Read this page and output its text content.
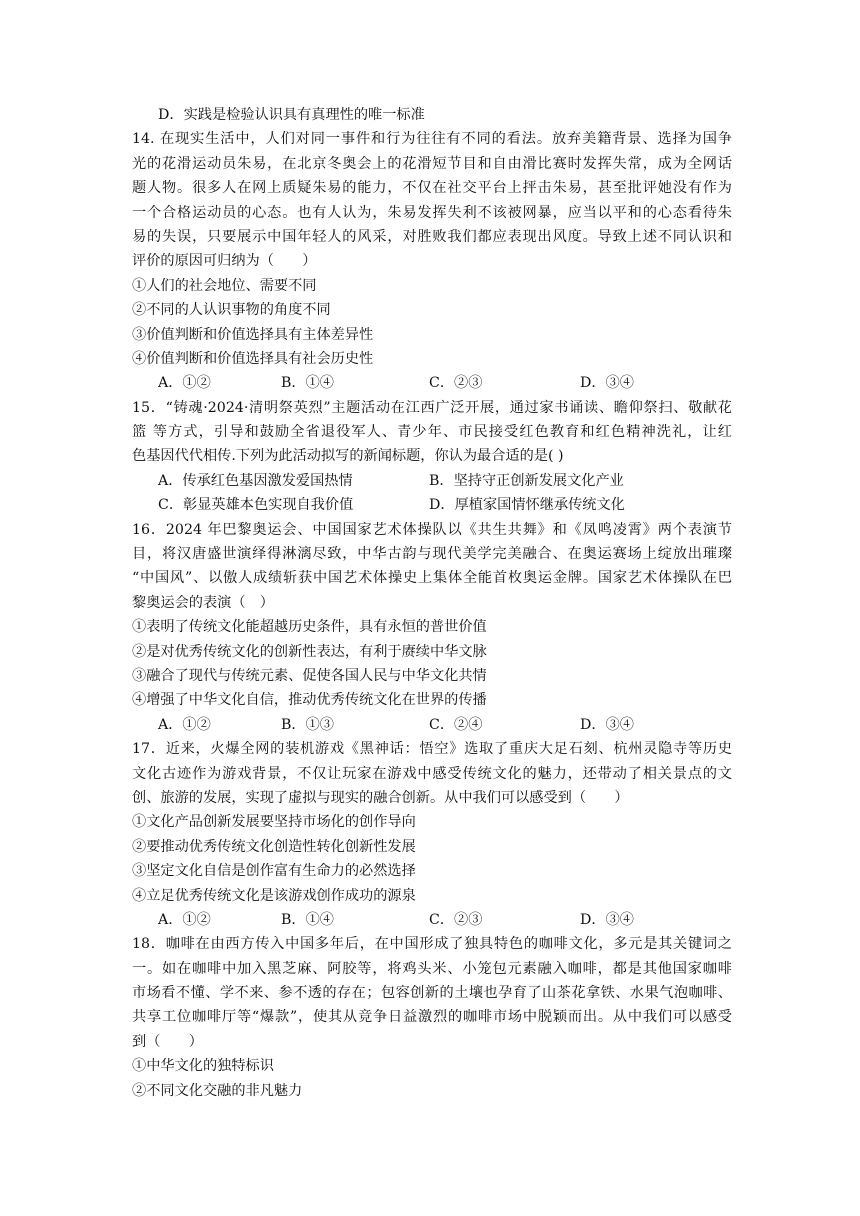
D．实践是检验认识具有真理性的唯一标准
14. 在现实生活中，人们对同一事件和行为往往有不同的看法。放弃美籍背景、选择为国争
光的花滑运动员朱易，在北京冬奥会上的花滑短节目和自由滑比赛时发挥失常，成为全网话
题人物。很多人在网上质疑朱易的能力，不仅在社交平台上抨击朱易，甚至批评她没有作为
一个合格运动员的心态。也有人认为，朱易发挥失利不该被网暴，应当以平和的心态看待朱
易的失误，只要展示中国年轻人的风采，对胜败我们都应表现出风度。导致上述不同认识和
评价的原因可归纳为（　　）
①人们的社会地位、需要不同
②不同的人认识事物的角度不同
③价值判断和价值选择具有主体差异性
④价值判断和价值选择具有社会历史性
A．①②	B．①④	C．②③	D．③④
15．“铸魂·2024·清明祭英烈”主题活动在江西广泛开展，通过家书诵读、瞻仰祭扫、敬献花
篮 等方式，引导和鼓励全省退役军人、青少年、市民接受红色教育和红色精神洗礼，让红
色基因代代相传.下列为此活动拟写的新闻标题，你认为最合适的是( )
A．传承红色基因激发爱国热情	B．坚持守正创新发展文化产业
C．彰显英雄本色实现自我价值	D．厚植家国情怀继承传统文化
16．2024 年巴黎奥运会、中国国家艺术体操队以《共生共舞》和《凤鸣凌霄》两个表演节
目，将汉唐盛世演绎得淋漓尽致，中华古韵与现代美学完美融合、在奥运赛场上绽放出璀璨
“中国风”、以傲人成绩斩获中国艺术体操史上集体全能首枚奥运金牌。国家艺术体操队在巴
黎奥运会的表演（　）
①表明了传统文化能超越历史条件，具有永恒的普世价值
②是对优秀传统文化的创新性表达，有利于赓续中华文脉
③融合了现代与传统元素、促使各国人民与中华文化共情
④增强了中华文化自信，推动优秀传统文化在世界的传播
A．①②	B．①③	C．②④	D．③④
17．近来，火爆全网的装机游戏《黑神话：悟空》选取了重庆大足石刻、杭州灵隐寺等历史
文化古迹作为游戏背景，不仅让玩家在游戏中感受传统文化的魅力，还带动了相关景点的文
创、旅游的发展，实现了虚拟与现实的融合创新。从中我们可以感受到（　　）
①文化产品创新发展要坚持市场化的创作导向
②要推动优秀传统文化创造性转化创新性发展
③坚定文化自信是创作富有生命力的必然选择
④立足优秀传统文化是该游戏创作成功的源泉
A．①②	B．①④	C．②③	D．③④
18．咖啡在由西方传入中国多年后，在中国形成了独具特色的咖啡文化，多元是其关键词之
一。如在咖啡中加入黑芝麻、阿胶等，将鸡头米、小笼包元素融入咖啡，都是其他国家咖啡
市场看不懂、学不来、参不透的存在；包容创新的土壤也孕育了山茶花拿铁、水果气泡咖啡、
共享工位咖啡厅等“爆款”，使其从竞争日益激烈的咖啡市场中脱颖而出。从中我们可以感受
到（　　）
①中华文化的独特标识
②不同文化交融的非凡魅力
